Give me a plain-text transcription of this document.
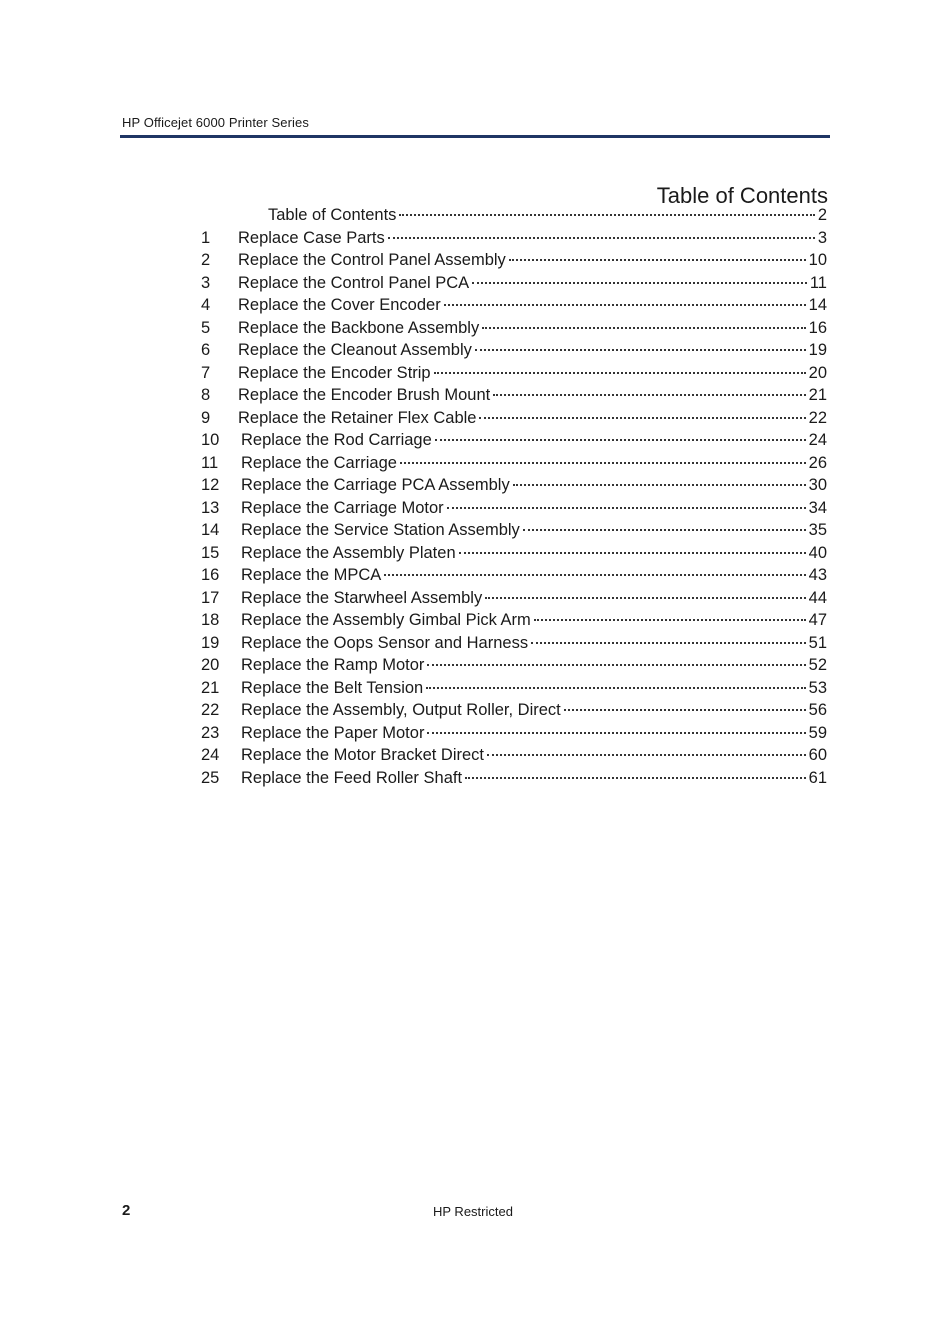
HP Officejet 6000 Printer Series
Table of Contents
Table of Contents	2
1	Replace Case Parts	3
2	Replace the Control Panel Assembly	10
3	Replace the Control Panel PCA	11
4	Replace the Cover Encoder	14
5	Replace the Backbone Assembly	16
6	Replace the Cleanout Assembly	19
7	Replace the Encoder Strip	20
8	Replace the Encoder Brush Mount	21
9	Replace the Retainer Flex Cable	22
10	Replace the Rod Carriage	24
11	Replace the Carriage	26
12	Replace the Carriage PCA Assembly	30
13	Replace the Carriage Motor	34
14	Replace the Service Station Assembly	35
15	Replace the Assembly Platen	40
16	Replace the MPCA	43
17	Replace the Starwheel Assembly	44
18	Replace the Assembly Gimbal Pick Arm	47
19	Replace the Oops Sensor and Harness	51
20	Replace the Ramp Motor	52
21	Replace the Belt Tension	53
22	Replace the Assembly, Output Roller, Direct	56
23	Replace the Paper Motor	59
24	Replace the Motor Bracket Direct	60
25	Replace the Feed Roller Shaft	61
2	HP Restricted
